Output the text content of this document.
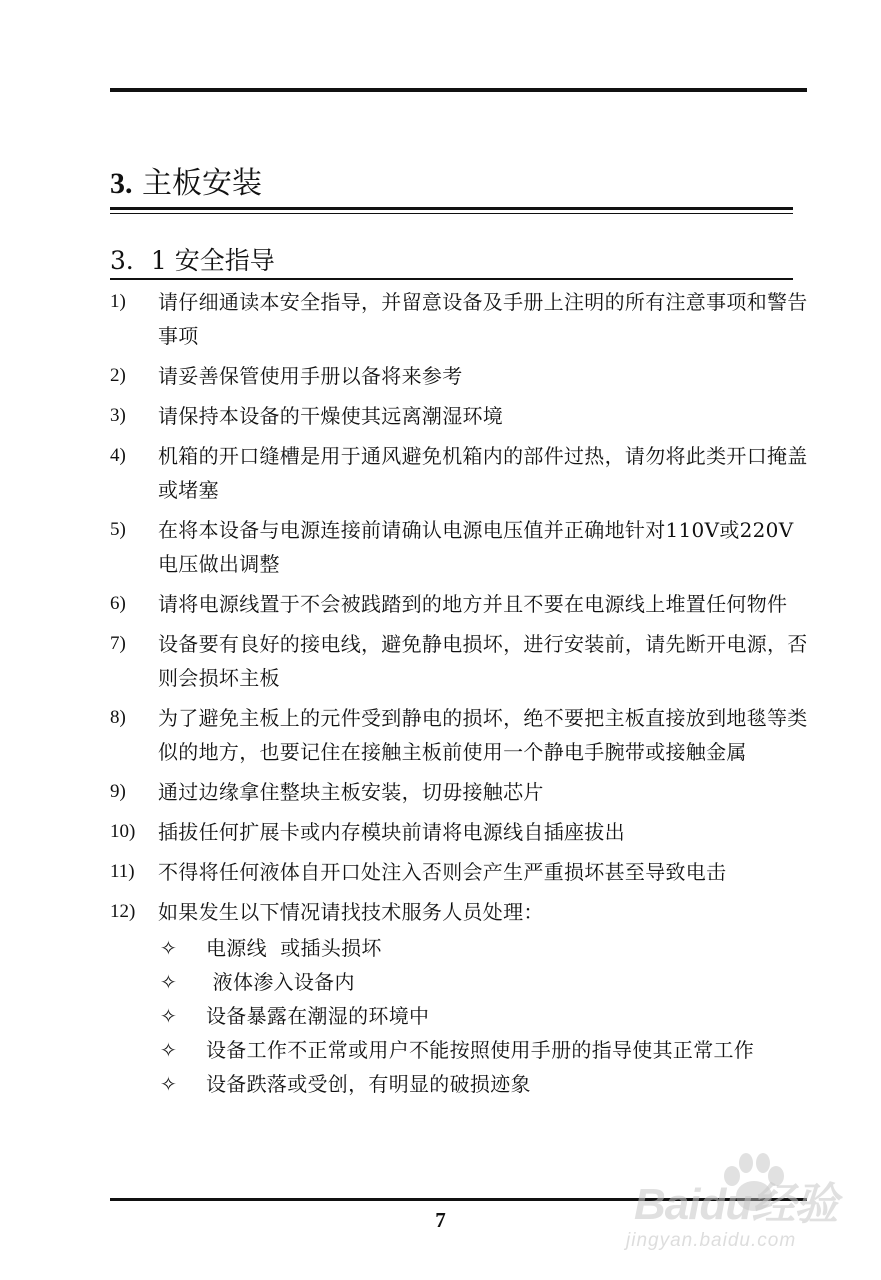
3. 主板安装
3．1 安全指导
1) 请仔细通读本安全指导，并留意设备及手册上注明的所有注意事项和警告事项
2) 请妥善保管使用手册以备将来参考
3) 请保持本设备的干燥使其远离潮湿环境
4) 机箱的开口缝槽是用于通风避免机箱内的部件过热，请勿将此类开口掩盖或堵塞
5) 在将本设备与电源连接前请确认电源电压值并正确地针对110V或220V 电压做出调整
6) 请将电源线置于不会被践踏到的地方并且不要在电源线上堆置任何物件
7) 设备要有良好的接电线，避免静电损坏，进行安装前，请先断开电源，否则会损坏主板
8) 为了避免主板上的元件受到静电的损坏，绝不要把主板直接放到地毯等类似的地方，也要记住在接触主板前使用一个静电手腕带或接触金属
9) 通过边缘拿住整块主板安装，切毋接触芯片
10) 插拔任何扩展卡或内存模块前请将电源线自插座拔出
11) 不得将任何液体自开口处注入否则会产生严重损坏甚至导致电击
12) 如果发生以下情况请找技术服务人员处理：
✧ 电源线  或插头损坏
✧ 液体渗入设备内
✧ 设备暴露在潮湿的环境中
✧ 设备工作不正常或用户不能按照使用手册的指导使其正常工作
✧ 设备跌落或受创，有明显的破损迹象
7	Baidu经验
jingyan.baidu.com
